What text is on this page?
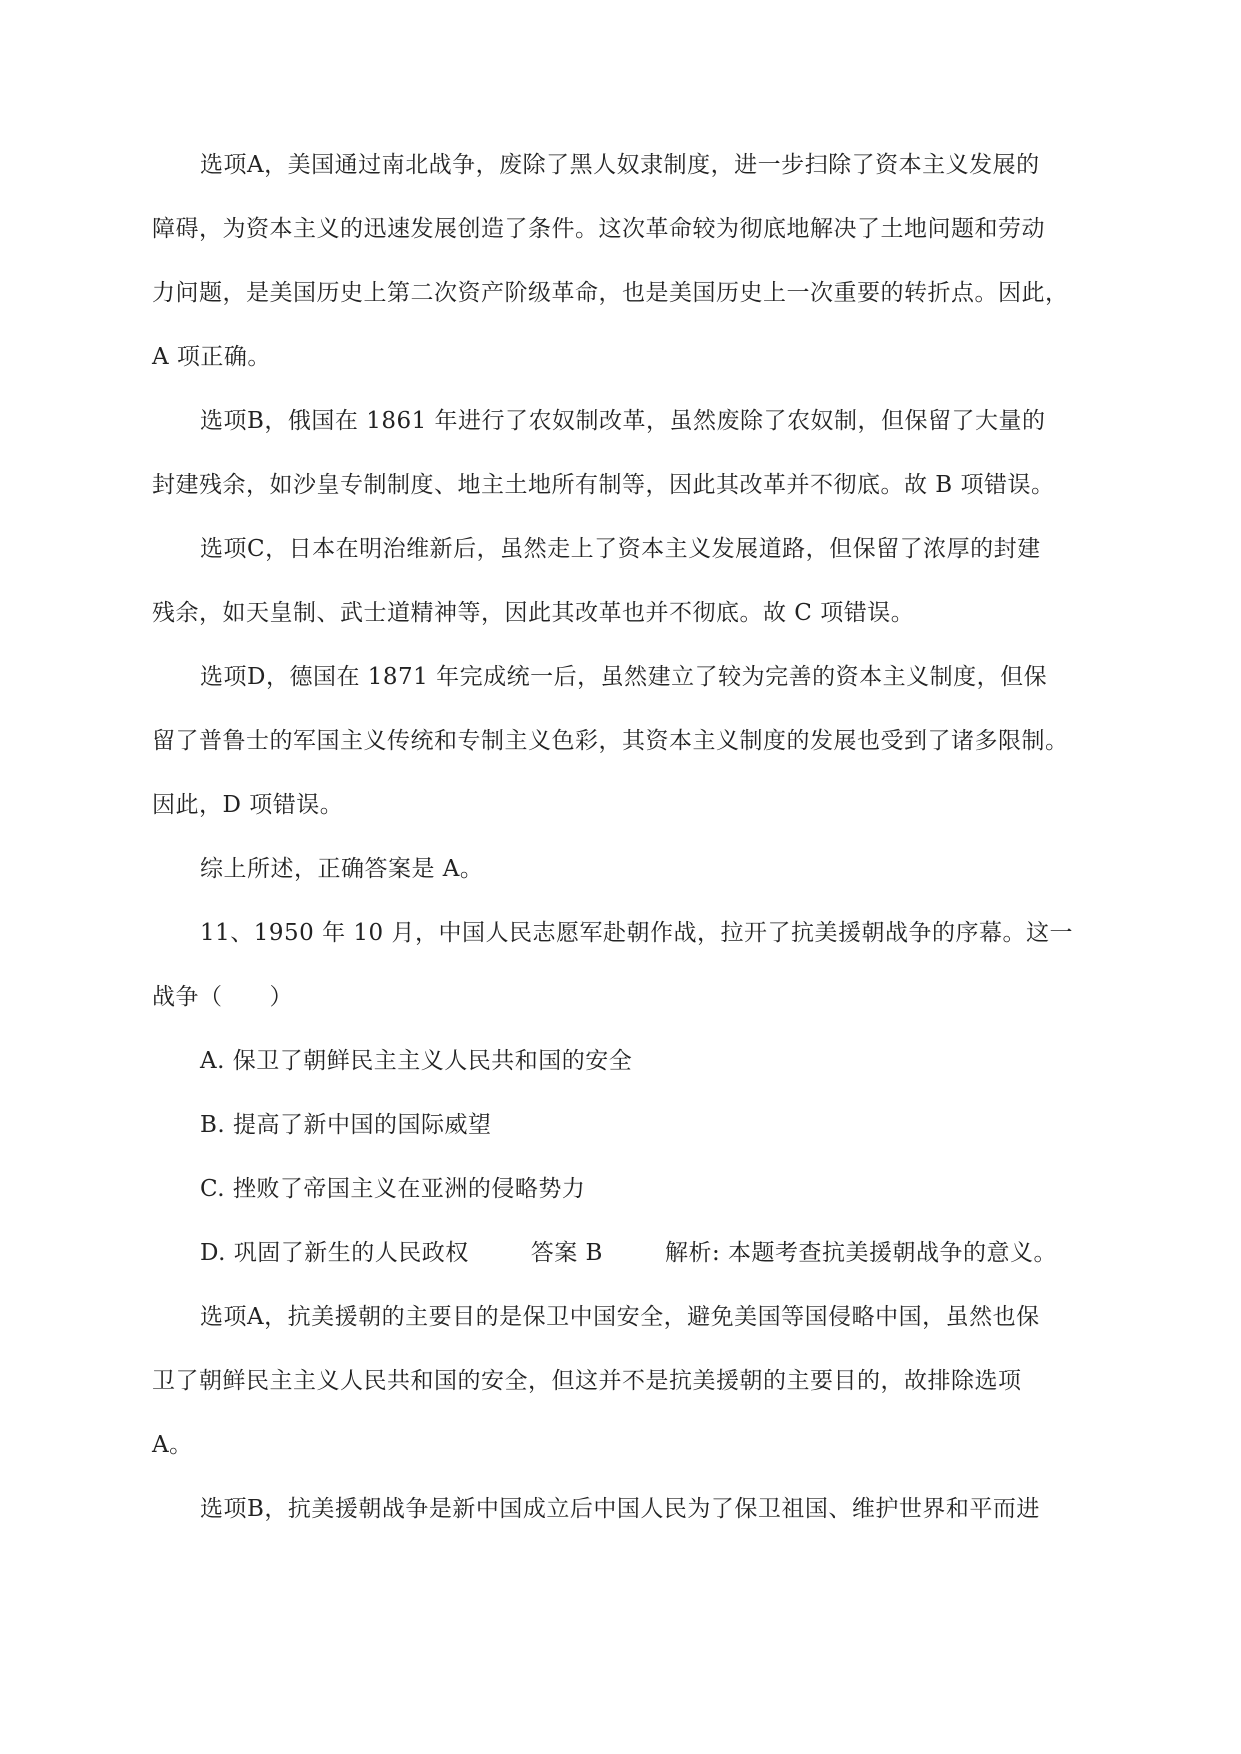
选项A，美国通过南北战争，废除了黑人奴隶制度，进一步扫除了资本主义发展的
障碍，为资本主义的迅速发展创造了条件。这次革命较为彻底地解决了土地问题和劳动
力问题，是美国历史上第二次资产阶级革命，也是美国历史上一次重要的转折点。因此，
A 项正确。
选项B，俄国在 1861 年进行了农奴制改革，虽然废除了农奴制，但保留了大量的
封建残余，如沙皇专制制度、地主土地所有制等，因此其改革并不彻底。故 B 项错误。
选项C，日本在明治维新后，虽然走上了资本主义发展道路，但保留了浓厚的封建
残余，如天皇制、武士道精神等，因此其改革也并不彻底。故 C 项错误。
选项D，德国在 1871 年完成统一后，虽然建立了较为完善的资本主义制度，但保
留了普鲁士的军国主义传统和专制主义色彩，其资本主义制度的发展也受到了诸多限制。
因此，D 项错误。
综上所述，正确答案是 A。
11、1950 年 10 月，中国人民志愿军赴朝作战，拉开了抗美援朝战争的序幕。这一
战争（　　）
A. 保卫了朝鲜民主主义人民共和国的安全
B. 提高了新中国的国际威望
C. 挫败了帝国主义在亚洲的侵略势力
D. 巩固了新生的人民政权	答案 B	解析: 本题考查抗美援朝战争的意义。
选项A，抗美援朝的主要目的是保卫中国安全，避免美国等国侵略中国，虽然也保
卫了朝鲜民主主义人民共和国的安全，但这并不是抗美援朝的主要目的，故排除选项
A。
选项B，抗美援朝战争是新中国成立后中国人民为了保卫祖国、维护世界和平而进
